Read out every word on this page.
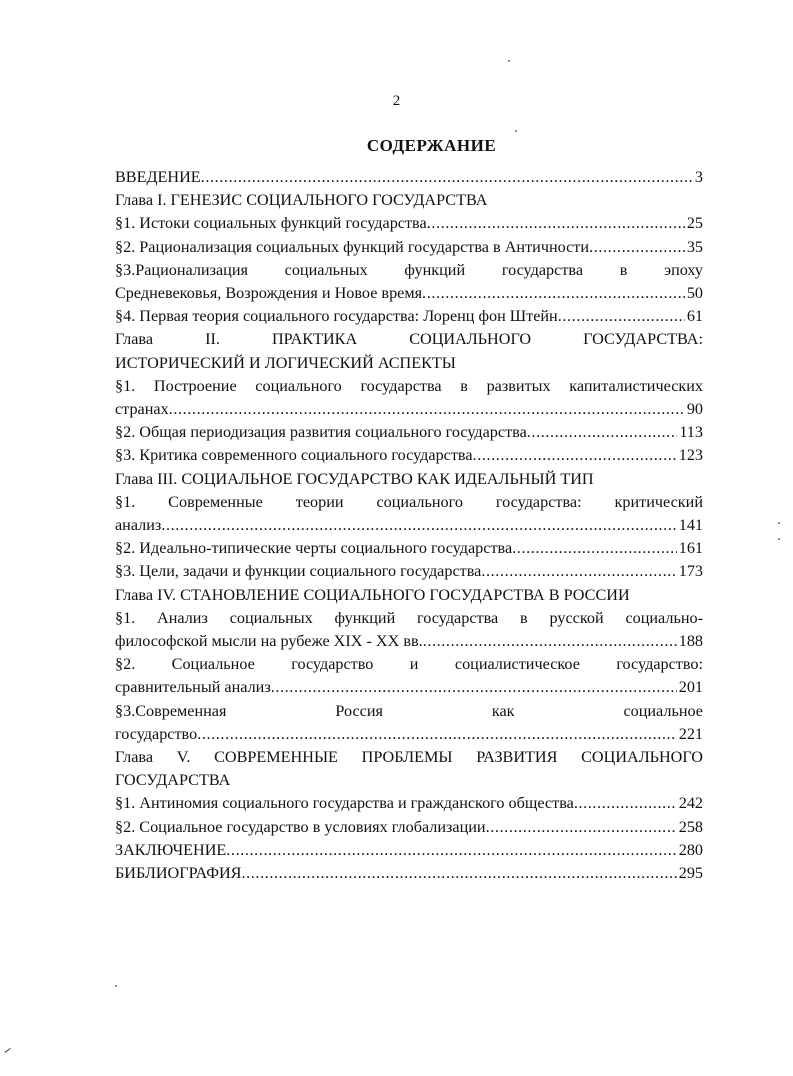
2
СОДЕРЖАНИЕ
ВВЕДЕНИЕ .....	3
Глава I. ГЕНЕЗИС СОЦИАЛЬНОГО ГОСУДАРСТВА
§1. Истоки социальных функций государства .....	25
§2. Рационализация социальных функций государства в Античности .....	35
§3.Рационализация социальных функций государства в эпоху
Средневековья, Возрождения и Новое время .....	50
§4. Первая теория социального государства: Лоренц фон Штейн .....	61
Глава II. ПРАКТИКА СОЦИАЛЬНОГО ГОСУДАРСТВА:
ИСТОРИЧЕСКИЙ И ЛОГИЧЕСКИЙ АСПЕКТЫ
§1. Построение социального государства в развитых капиталистических
странах .....	90
§2. Общая периодизация развития социального государства .....	113
§3. Критика современного социального государства .....	123
Глава III. СОЦИАЛЬНОЕ ГОСУДАРСТВО КАК ИДЕАЛЬНЫЙ ТИП
§1. Современные теории социального государства: критический
анализ .....	141
§2. Идеально-типические черты социального государства .....	161
§3. Цели, задачи и функции социального государства .....	173
Глава IV. СТАНОВЛЕНИЕ СОЦИАЛЬНОГО ГОСУДАРСТВА В РОССИИ
§1. Анализ социальных функций государства в русской социально-
философской мысли на рубеже XIX - XX вв. .....	188
§2. Социальное государство и социалистическое государство:
сравнительный анализ .....	201
§3.Современная Россия как социальное
государство .....	221
Глава V. СОВРЕМЕННЫЕ ПРОБЛЕМЫ РАЗВИТИЯ СОЦИАЛЬНОГО
ГОСУДАРСТВА
§1. Антиномия социального государства и гражданского общества .....	242
§2. Социальное государство в условиях глобализации .....	258
ЗАКЛЮЧЕНИЕ .....	280
БИБЛИОГРАФИЯ .....	295
